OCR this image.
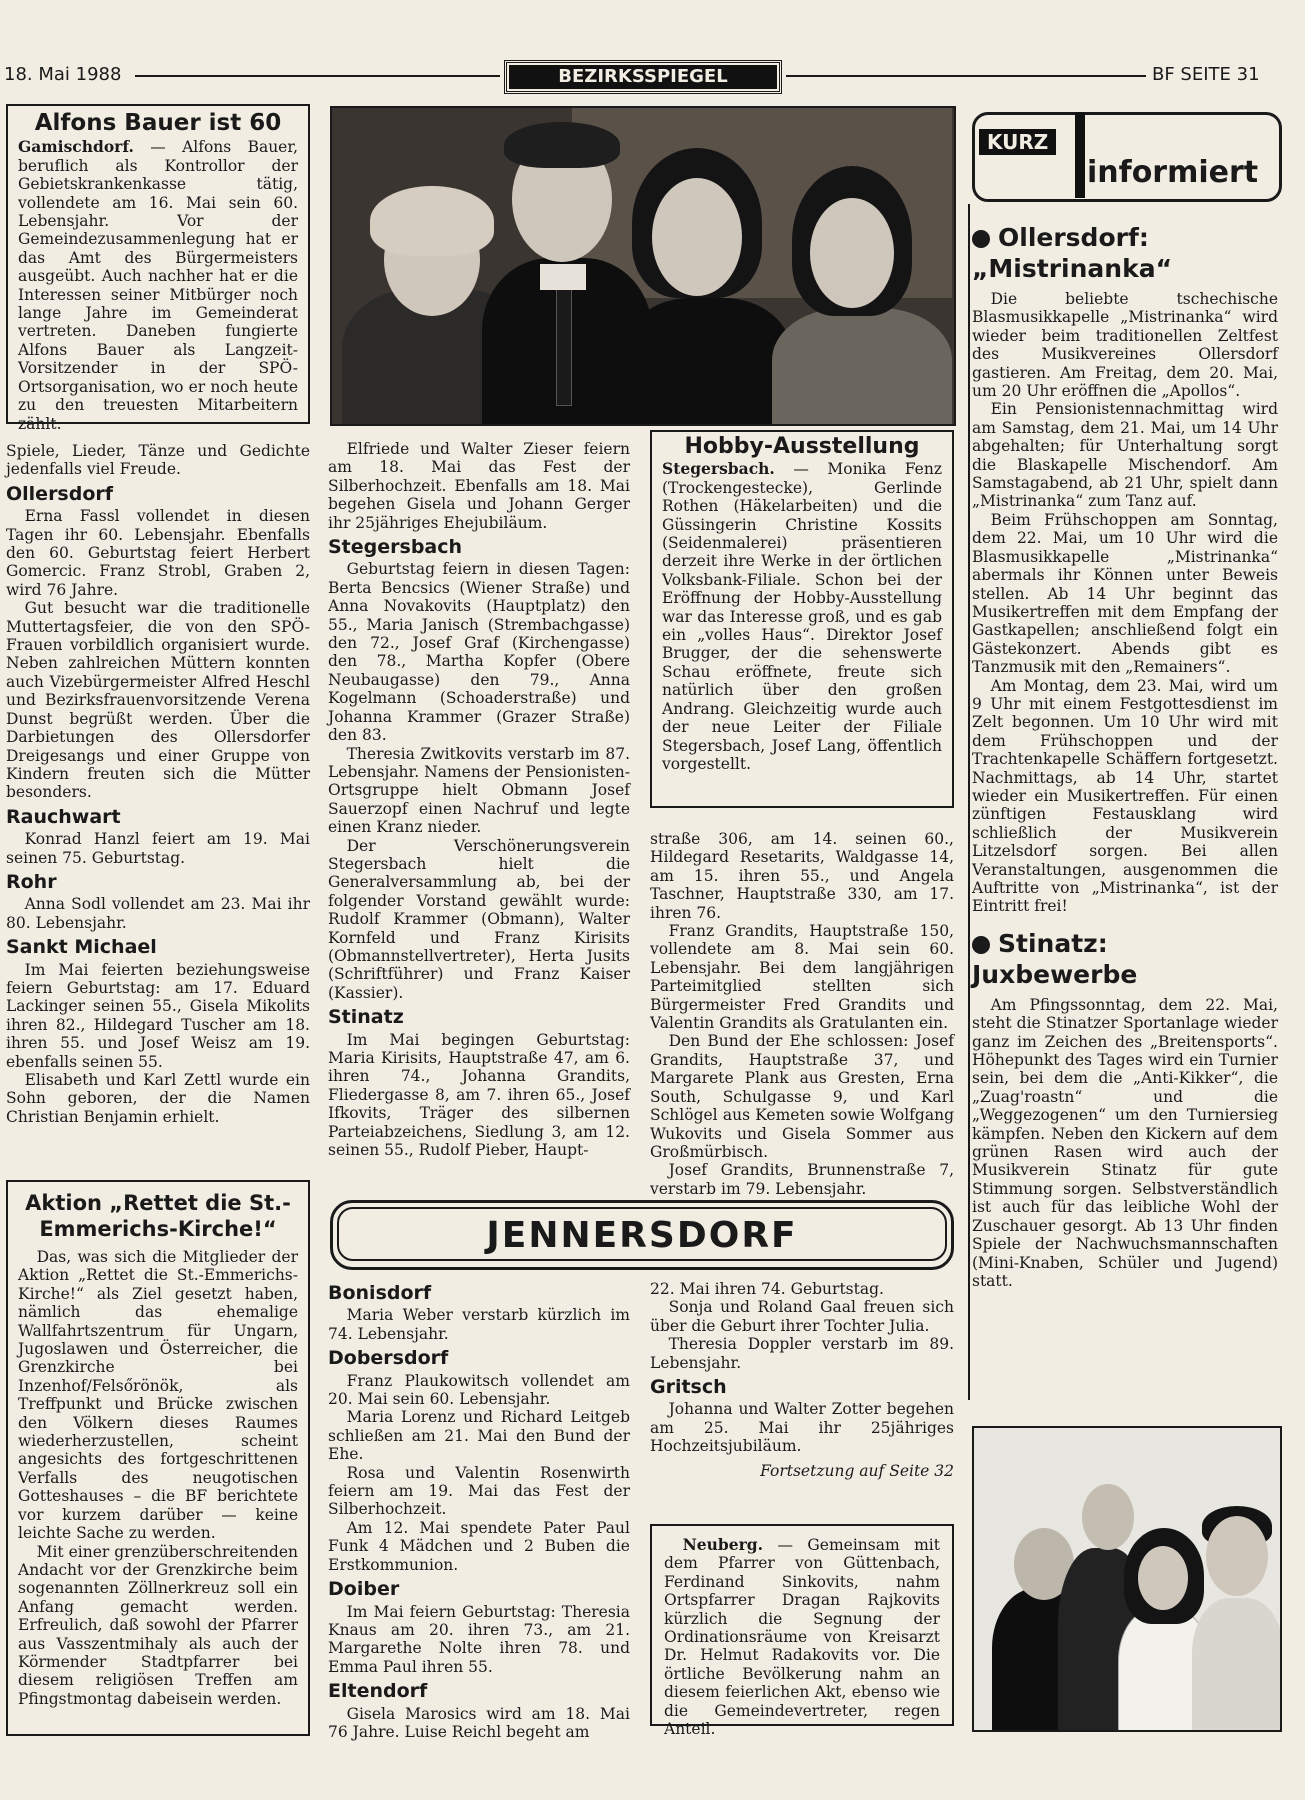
18. Mai 1988	BEZIRKSSPIEGEL	BF SEITE 31
Alfons Bauer ist 60

Gamischdorf. — Alfons Bauer, beruflich als Kontrollor der Gebietskrankenkasse tätig, vollendete am 16. Mai sein 60. Lebensjahr. Vor der Gemeindezusammenlegung hat er das Amt des Bürgermeisters ausgeübt. Auch nachher hat er die Interessen seiner Mitbürger noch lange Jahre im Gemeinderat vertreten. Daneben fungierte Alfons Bauer als Langzeit-Vorsitzender in der SPÖ-Ortsorganisation, wo er noch heute zu den treuesten Mitarbeitern zählt.

Spiele, Lieder, Tänze und Gedichte jedenfalls viel Freude.

Ollersdorf

Erna Fassl vollendet in diesen Tagen ihr 60. Lebensjahr. Ebenfalls den 60. Geburtstag feiert Herbert Gomercic. Franz Strobl, Graben 2, wird 76 Jahre.

Gut besucht war die traditionelle Muttertagsfeier, die von den SPÖ-Frauen vorbildlich organisiert wurde. Neben zahlreichen Müttern konnten auch Vizebürgermeister Alfred Heschl und Bezirksfrauenvorsitzende Verena Dunst begrüßt werden. Über die Darbietungen des Ollersdorfer Dreigesangs und einer Gruppe von Kindern freuten sich die Mütter besonders.

Rauchwart

Konrad Hanzl feiert am 19. Mai seinen 75. Geburtstag.

Rohr

Anna Sodl vollendet am 23. Mai ihr 80. Lebensjahr.

Sankt Michael

Im Mai feierten beziehungsweise feiern Geburtstag: am 17. Eduard Lackinger seinen 55., Gisela Mikolits ihren 82., Hildegard Tuscher am 18. ihren 55. und Josef Weisz am 19. ebenfalls seinen 55.

Elisabeth und Karl Zettl wurde ein Sohn geboren, der die Namen Christian Benjamin erhielt.

Aktion „Rettet die St.-Emmerichs-Kirche!“

Das, was sich die Mitglieder der Aktion „Rettet die St.-Emmerichs-Kirche!“ als Ziel gesetzt haben, nämlich das ehemalige Wallfahrtszentrum für Ungarn, Jugoslawen und Österreicher, die Grenzkirche bei Inzenhof/Felsőrönök, als Treffpunkt und Brücke zwischen den Völkern dieses Raumes wiederherzustellen, scheint angesichts des fortgeschrittenen Verfalls des neugotischen Gotteshauses – die BF berichtete vor kurzem darüber — keine leichte Sache zu werden.

Mit einer grenzüberschreitenden Andacht vor der Grenzkirche beim sogenannten Zöllnerkreuz soll ein Anfang gemacht werden. Erfreulich, daß sowohl der Pfarrer aus Vasszentmihaly als auch der Körmender Stadtpfarrer bei diesem religiösen Treffen am Pfingstmontag dabeisein werden.

Elfriede und Walter Zieser feiern am 18. Mai das Fest der Silberhochzeit. Ebenfalls am 18. Mai begehen Gisela und Johann Gerger ihr 25jähriges Ehejubiläum.

Stegersbach

Geburtstag feiern in diesen Tagen: Berta Bencsics (Wiener Straße) und Anna Novakovits (Hauptplatz) den 55., Maria Janisch (Strembachgasse) den 72., Josef Graf (Kirchengasse) den 78., Martha Kopfer (Obere Neubaugasse) den 79., Anna Kogelmann (Schoaderstraße) und Johanna Krammer (Grazer Straße) den 83.

Theresia Zwitkovits verstarb im 87. Lebensjahr. Namens der Pensionisten-Ortsgruppe hielt Obmann Josef Sauerzopf einen Nachruf und legte einen Kranz nieder.

Der Verschönerungsverein Stegersbach hielt die Generalversammlung ab, bei der folgender Vorstand gewählt wurde: Rudolf Krammer (Obmann), Walter Kornfeld und Franz Kirisits (Obmannstellvertreter), Herta Jusits (Schriftführer) und Franz Kaiser (Kassier).

Stinatz

Im Mai begingen Geburtstag: Maria Kirisits, Hauptstraße 47, am 6. ihren 74., Johanna Grandits, Fliedergasse 8, am 7. ihren 65., Josef Ifkovits, Träger des silbernen Parteiabzeichens, Siedlung 3, am 12. seinen 55., Rudolf Pieber, Haupt-

Hobby-Ausstellung

Stegersbach. — Monika Fenz (Trockengestecke), Gerlinde Rothen (Häkelarbeiten) und die Güssingerin Christine Kossits (Seidenmalerei) präsentieren derzeit ihre Werke in der örtlichen Volksbank-Filiale. Schon bei der Eröffnung der Hobby-Ausstellung war das Interesse groß, und es gab ein „volles Haus“. Direktor Josef Brugger, der die sehenswerte Schau eröffnete, freute sich natürlich über den großen Andrang. Gleichzeitig wurde auch der neue Leiter der Filiale Stegersbach, Josef Lang, öffentlich vorgestellt.

straße 306, am 14. seinen 60., Hildegard Resetarits, Waldgasse 14, am 15. ihren 55., und Angela Taschner, Hauptstraße 330, am 17. ihren 76.

Franz Grandits, Hauptstraße 150, vollendete am 8. Mai sein 60. Lebensjahr. Bei dem langjährigen Parteimitglied stellten sich Bürgermeister Fred Grandits und Valentin Grandits als Gratulanten ein.

Den Bund der Ehe schlossen: Josef Grandits, Hauptstraße 37, und Margarete Plank aus Gresten, Erna South, Schulgasse 9, und Karl Schlögel aus Kemeten sowie Wolfgang Wukovits und Gisela Sommer aus Großmürbisch.

Josef Grandits, Brunnenstraße 7, verstarb im 79. Lebensjahr.

JENNERSDORF
Bonisdorf

Maria Weber verstarb kürzlich im 74. Lebensjahr.

Dobersdorf

Franz Plaukowitsch vollendet am 20. Mai sein 60. Lebensjahr.

Maria Lorenz und Richard Leitgeb schließen am 21. Mai den Bund der Ehe.

Rosa und Valentin Rosenwirth feiern am 19. Mai das Fest der Silberhochzeit.

Am 12. Mai spendete Pater Paul Funk 4 Mädchen und 2 Buben die Erstkommunion.

Doiber

Im Mai feiern Geburtstag: Theresia Knaus am 20. ihren 73., am 21. Margarethe Nolte ihren 78. und Emma Paul ihren 55.

Eltendorf

Gisela Marosics wird am 18. Mai 76 Jahre. Luise Reichl begeht am

22. Mai ihren 74. Geburtstag.

Sonja und Roland Gaal freuen sich über die Geburt ihrer Tochter Julia.

Theresia Doppler verstarb im 89. Lebensjahr.

Gritsch

Johanna und Walter Zotter begehen am 25. Mai ihr 25jähriges Hochzeitsjubiläum.

Fortsetzung auf Seite 32

Neuberg. — Gemeinsam mit dem Pfarrer von Güttenbach, Ferdinand Sinkovits, nahm Ortspfarrer Dragan Rajkovits kürzlich die Segnung der Ordinationsräume von Kreisarzt Dr. Helmut Radakovits vor. Die örtliche Bevölkerung nahm an diesem feierlichen Akt, ebenso wie die Gemeindevertreter, regen Anteil.

KURZ
informiert
Ollersdorf: „Mistrinanka“

Die beliebte tschechische Blasmusikkapelle „Mistrinanka“ wird wieder beim traditionellen Zeltfest des Musikvereines Ollersdorf gastieren. Am Freitag, dem 20. Mai, um 20 Uhr eröffnen die „Apollos“.

Ein Pensionistennachmittag wird am Samstag, dem 21. Mai, um 14 Uhr abgehalten; für Unterhaltung sorgt die Blaskapelle Mischendorf. Am Samstagabend, ab 21 Uhr, spielt dann „Mistrinanka“ zum Tanz auf.

Beim Frühschoppen am Sonntag, dem 22. Mai, um 10 Uhr wird die Blasmusikkapelle „Mistrinanka“ abermals ihr Können unter Beweis stellen. Ab 14 Uhr beginnt das Musikertreffen mit dem Empfang der Gastkapellen; anschließend folgt ein Gästekonzert. Abends gibt es Tanzmusik mit den „Remainers“.

Am Montag, dem 23. Mai, wird um 9 Uhr mit einem Festgottesdienst im Zelt begonnen. Um 10 Uhr wird mit dem Frühschoppen und der Trachtenkapelle Schäffern fortgesetzt. Nachmittags, ab 14 Uhr, startet wieder ein Musikertreffen. Für einen zünftigen Festausklang wird schließlich der Musikverein Litzelsdorf sorgen. Bei allen Veranstaltungen, ausgenommen die Auftritte von „Mistrinanka“, ist der Eintritt frei!

Stinatz: Juxbewerbe

Am Pfingssonntag, dem 22. Mai, steht die Stinatzer Sportanlage wieder ganz im Zeichen des „Breitensports“. Höhepunkt des Tages wird ein Turnier sein, bei dem die „Anti-Kikker“, die „Zuag'roastn“ und die „Weggezogenen“ um den Turniersieg kämpfen. Neben den Kickern auf dem grünen Rasen wird auch der Musikverein Stinatz für gute Stimmung sorgen. Selbstverständlich ist auch für das leibliche Wohl der Zuschauer gesorgt. Ab 13 Uhr finden Spiele der Nachwuchsmannschaften (Mini-Knaben, Schüler und Jugend) statt.
